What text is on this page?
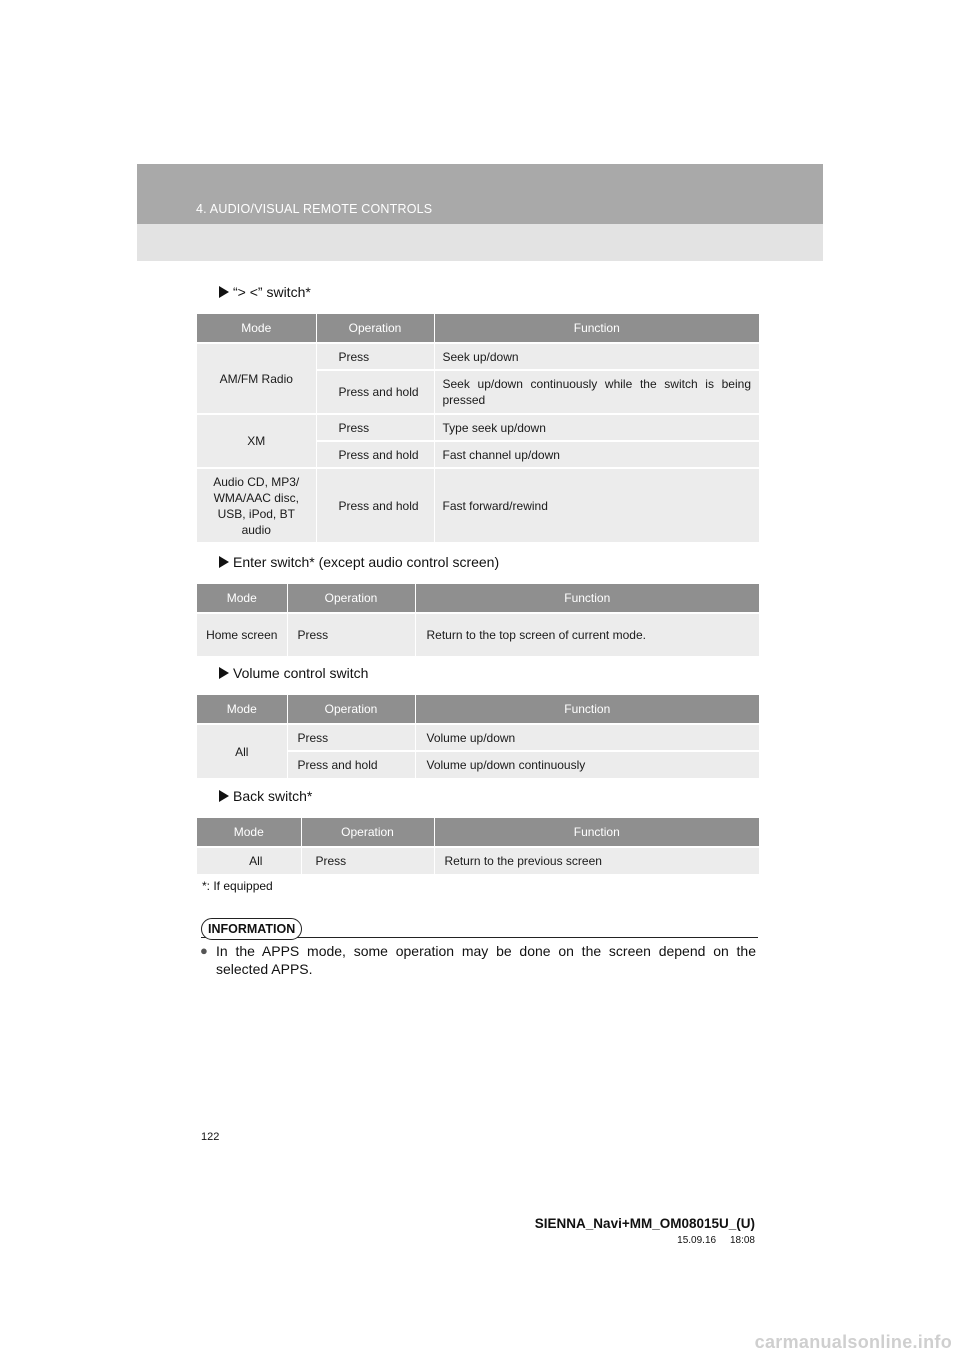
4. AUDIO/VISUAL REMOTE CONTROLS
“> <” switch*
Mode	Operation	Function
AM/FM Radio	Press	Seek up/down
	Press and hold	Seek up/down continuously while the switch is being pressed
XM	Press	Type seek up/down
	Press and hold	Fast channel up/down
Audio CD, MP3/ WMA/AAC disc, USB, iPod, BT audio	Press and hold	Fast forward/rewind
Enter switch* (except audio control screen)
Mode	Operation	Function
Home screen	Press	Return to the top screen of current mode.
Volume control switch
Mode	Operation	Function
All	Press	Volume up/down
	Press and hold	Volume up/down continuously
Back switch*
Mode	Operation	Function
All	Press	Return to the previous screen
*: If equipped
INFORMATION
● In the APPS mode, some operation may be done on the screen depend on the selected APPS.
122
SIENNA_Navi+MM_OM08015U_(U)
15.09.16     18:08
carmanualsonline.info
